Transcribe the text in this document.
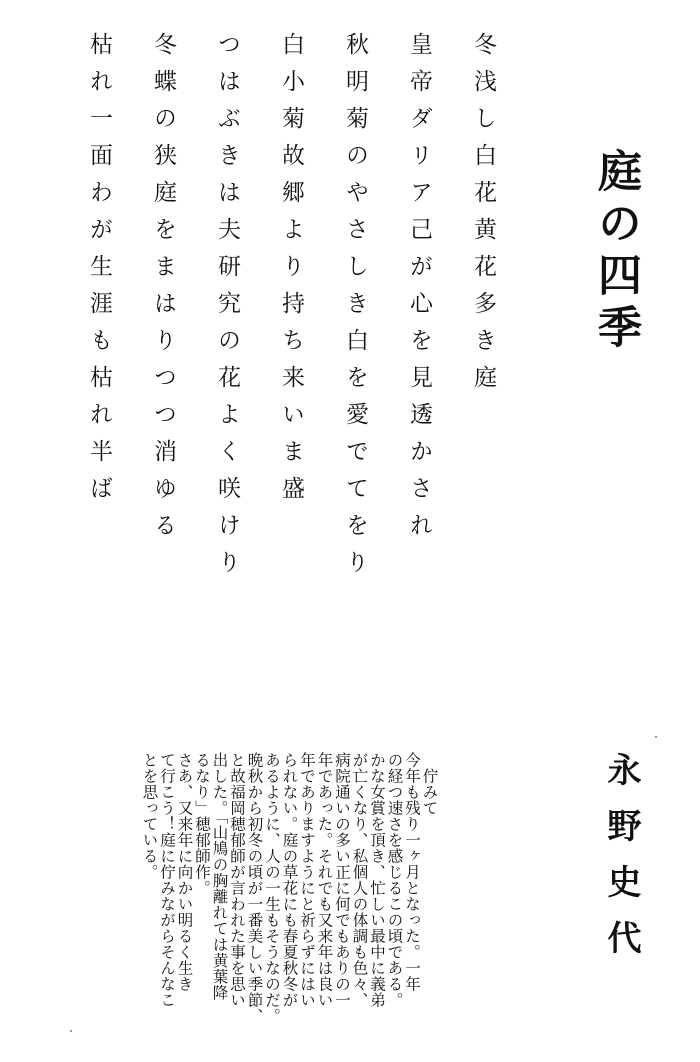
庭の四季
冬浅し白花黄花多き庭
皇帝ダリア己が心を見透かされ
秋明菊のやさしき白を愛でてをり
白小菊故郷より持ち来いま盛
つはぶきは夫研究の花よく咲けり
冬蝶の狭庭をまはりつつ消ゆる
枯れ一面わが生涯も枯れ半ば
永野史代

　佇みて

今年も残り一ヶ月となった。一年

の経つ速さを感じるこの頃である。

かな女賞を頂き、忙しい最中に義弟

が亡くなり、私個人の体調も色々、

病院通いの多い正に何でもありの一

年であった。それでも又来年は良い

年でありますようにと祈らずにはい

られない。庭の草花にも春夏秋冬が

あるように、人の一生もそうなのだ。

晩秋から初冬の頃が一番美しい季節、

と故福岡穂郁師が言われた事を思い

出した。「山鳩の胸離れては黄葉降

るなり」穂郁師作。

さあ、又来年に向かい明るく生き

て行こう！庭に佇みながらそんなこ

とを思っている。
